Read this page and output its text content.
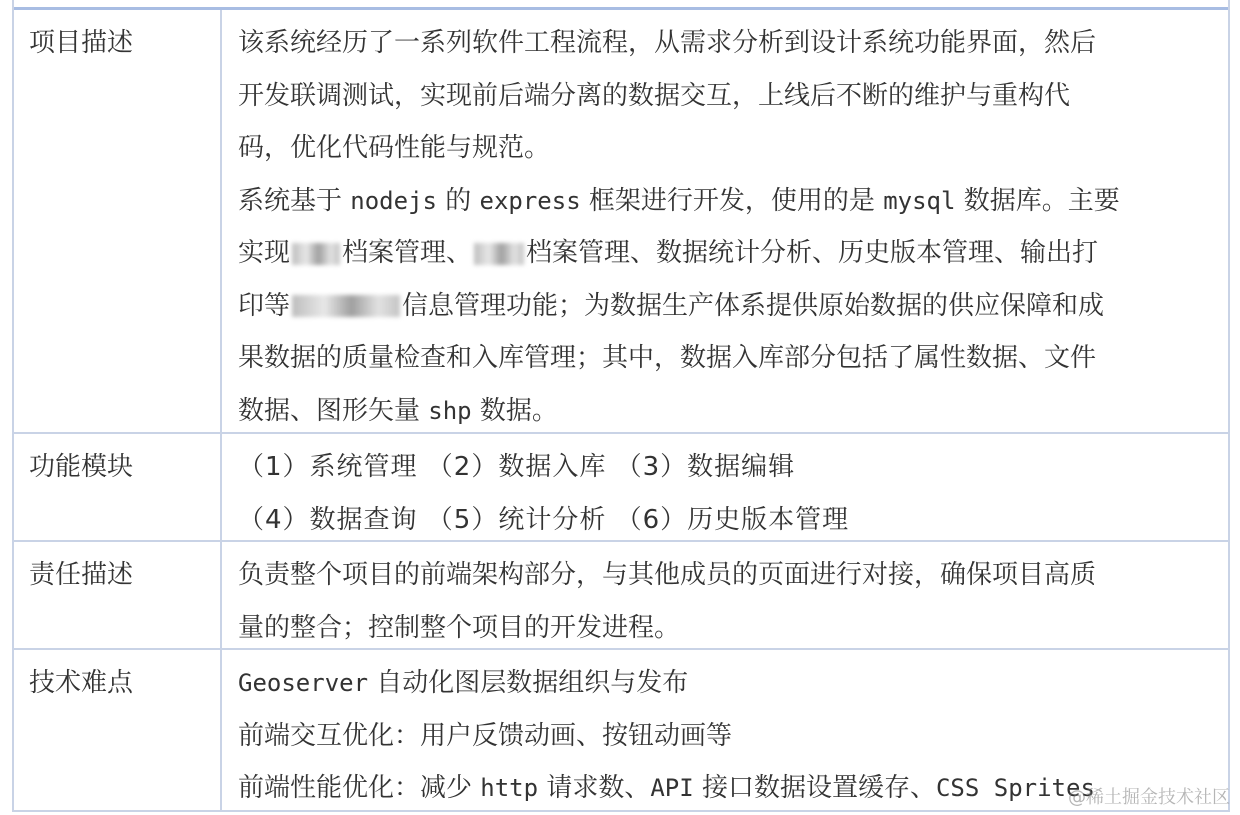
项目描述	该系统经历了一系列软件工程流程，从需求分析到设计系统功能界面，然后
开发联调测试，实现前后端分离的数据交互，上线后不断的维护与重构代
码，优化代码性能与规范。
系统基于 nodejs 的 express 框架进行开发，使用的是 mysql 数据库。主要
实现 档案管理、 档案管理、数据统计分析、历史版本管理、输出打
印等	信息管理功能；为数据生产体系提供原始数据的供应保障和成
果数据的质量检查和入库管理；其中，数据入库部分包括了属性数据、文件
数据、图形矢量 shp 数据。
功能模块	（1）系统管理 （2）数据入库 （3）数据编辑
（4）数据查询 （5）统计分析 （6）历史版本管理
责任描述	负责整个项目的前端架构部分，与其他成员的页面进行对接，确保项目高质
量的整合；控制整个项目的开发进程。
技术难点	Geoserver 自动化图层数据组织与发布
前端交互优化：用户反馈动画、按钮动画等
前端性能优化：减少 http 请求数、API 接口数据设置缓存、CSS Sprites
@稀土掘金技术社区
